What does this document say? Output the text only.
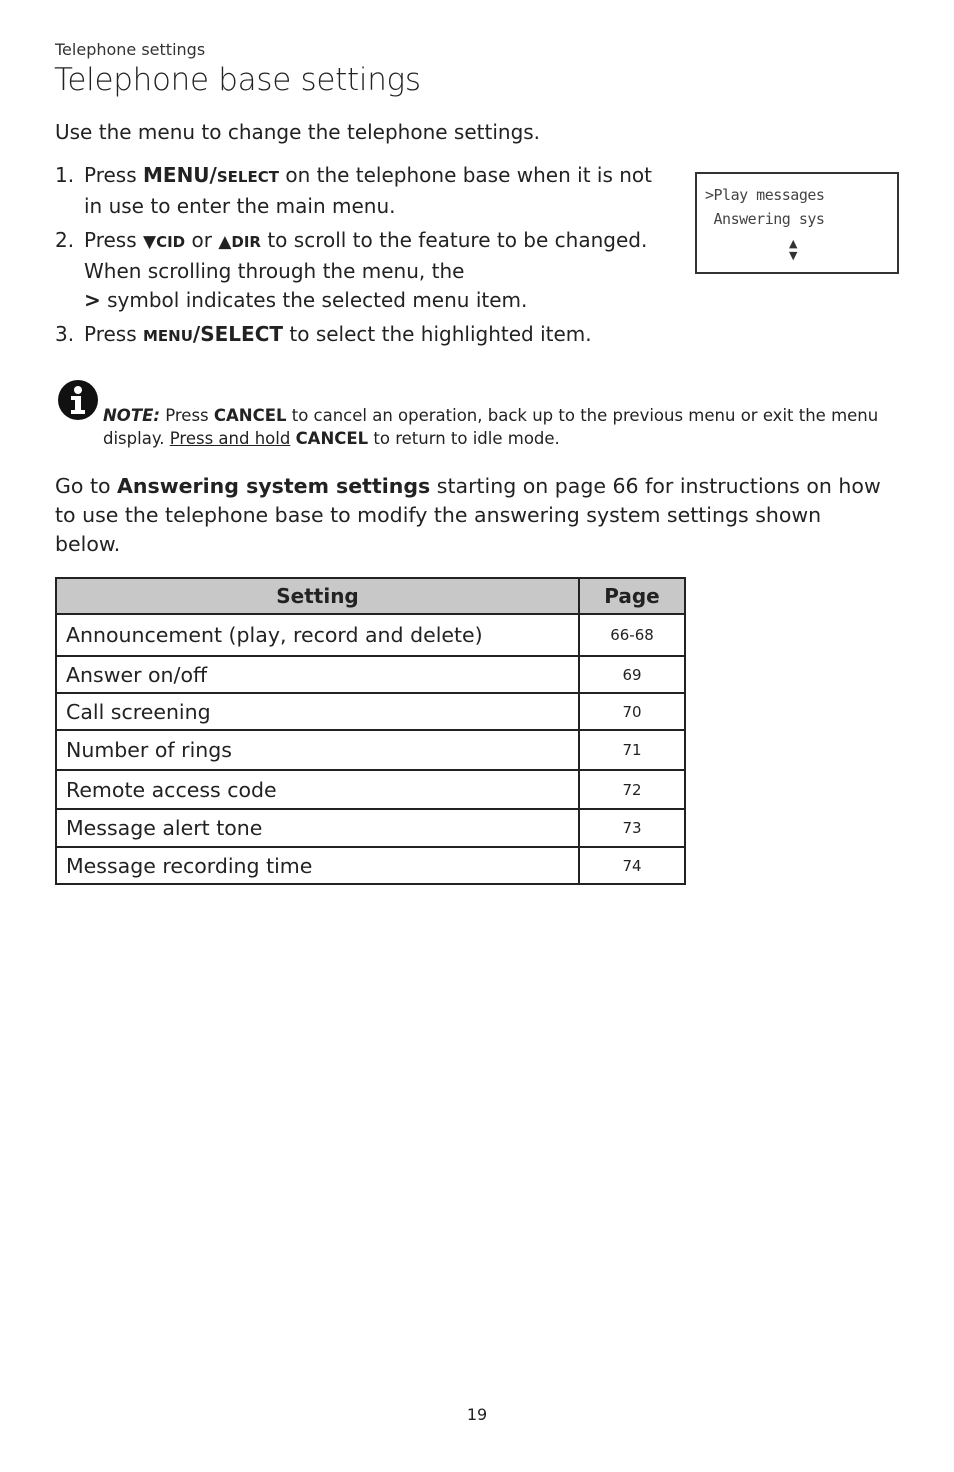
Telephone settings
Telephone base settings
Use the menu to change the telephone settings.
1. Press MENU/SELECT on the telephone base when it is not in use to enter the main menu.
2. Press ▼CID or ▲DIR to scroll to the feature to be changed. When scrolling through the menu, the
> symbol indicates the selected menu item.
3. Press MENU/SELECT to select the highlighted item.
>Play messages
Answering sys
▲
▼
NOTE: Press CANCEL to cancel an operation, back up to the previous menu or exit the menu display. Press and hold CANCEL to return to idle mode.
Go to Answering system settings starting on page 66 for instructions on how to use the telephone base to modify the answering system settings shown below.
Setting	Page
Announcement (play, record and delete)	66-68
Answer on/off	69
Call screening	70
Number of rings	71
Remote access code	72
Message alert tone	73
Message recording time	74
19
